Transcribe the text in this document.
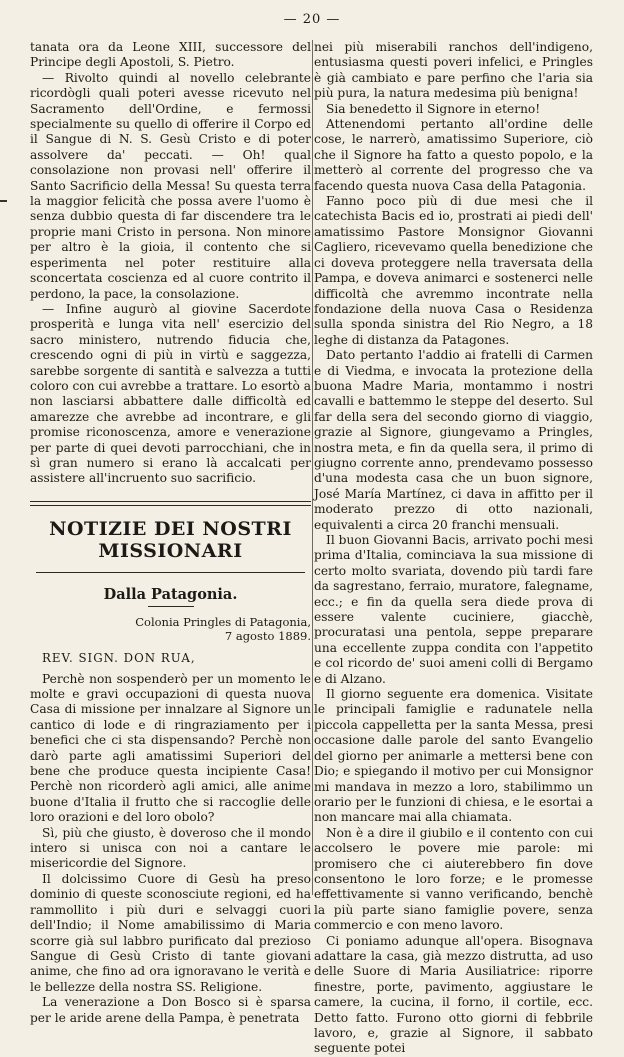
— 20 —

tanata ora da Leone XIII, successore del Principe degli Apostoli, S. Pietro.

— Rivolto quindi al novello celebrante ricordògli quali poteri avesse ricevuto nel Sacramento dell'Ordine, e fermossi specialmente su quello di offerire il Corpo ed il Sangue di N. S. Gesù Cristo e di poter assolvere da' peccati. — Oh! qual consolazione non provasi nell' offerire il Santo Sacrificio della Messa! Su questa terra la maggior felicità che possa avere l'uomo è senza dubbio questa di far discendere tra le proprie mani Cristo in persona. Non minore per altro è la gioia, il contento che si esperimenta nel poter restituire alla sconcertata coscienza ed al cuore contrito il perdono, la pace, la consolazione.

— Infine augurò al giovine Sacerdote prosperità e lunga vita nell' esercizio del sacro ministero, nutrendo fiducia che, crescendo ogni di più in virtù e saggezza, sarebbe sorgente di santità e salvezza a tutti coloro con cui avrebbe a trattare. Lo esortò a non lasciarsi abbattere dalle difficoltà ed amarezze che avrebbe ad incontrare, e gli promise riconoscenza, amore e venerazione per parte di quei devoti parrocchiani, che in sì gran numero si erano là accalcati per assistere all'incruento suo sacrificio.

NOTIZIE DEI NOSTRI MISSIONARI
Dalla Patagonia.
Colonia Pringles di Patagonia,
7 agosto 1889.
REV. SIGN. DON RUA,

Perchè non sospenderò per un momento le molte e gravi occupazioni di questa nuova Casa di missione per innalzare al Signore un cantico di lode e di ringraziamento per i benefici che ci sta dispensando? Perchè non darò parte agli amatissimi Superiori del bene che produce questa incipiente Casa! Perchè non ricorderò agli amici, alle anime buone d'Italia il frutto che si raccoglie delle loro orazioni e del loro obolo?

Sì, più che giusto, è doveroso che il mondo intero si unisca con noi a cantare le misericordie del Signore.

Il dolcissimo Cuore di Gesù ha preso dominio di queste sconosciute regioni, ed ha rammollito i più duri e selvaggi cuori dell'Indio; il Nome amabilissimo di Maria scorre già sul labbro purificato dal prezioso Sangue di Gesù Cristo di tante giovani anime, che fino ad ora ignoravano le verità e le bellezze della nostra SS. Religione.

La venerazione a Don Bosco si è sparsa per le aride arene della Pampa, è penetrata

nei più miserabili ranchos dell'indigeno, entusiasma questi poveri infelici, e Pringles è già cambiato e pare perfino che l'aria sia più pura, la natura medesima più benigna!

Sia benedetto il Signore in eterno!

Attenendomi pertanto all'ordine delle cose, le narrerò, amatissimo Superiore, ciò che il Signore ha fatto a questo popolo, e la metterò al corrente del progresso che va facendo questa nuova Casa della Patagonia.

Fanno poco più di due mesi che il catechista Bacis ed io, prostrati ai piedi dell' amatissimo Pastore Monsignor Giovanni Cagliero, ricevevamo quella benedizione che ci doveva proteggere nella traversata della Pampa, e doveva animarci e sostenerci nelle difficoltà che avremmo incontrate nella fondazione della nuova Casa o Residenza sulla sponda sinistra del Rio Negro, a 18 leghe di distanza da Patagones.

Dato pertanto l'addio ai fratelli di Carmen e di Viedma, e invocata la protezione della buona Madre Maria, montammo i nostri cavalli e battemmo le steppe del deserto. Sul far della sera del secondo giorno di viaggio, grazie al Signore, giungevamo a Pringles, nostra meta, e fin da quella sera, il primo di giugno corrente anno, prendevamo possesso d'una modesta casa che un buon signore, José María Martínez, ci dava in affitto per il moderato prezzo di otto nazionali, equivalenti a circa 20 franchi mensuali.

Il buon Giovanni Bacis, arrivato pochi mesi prima d'Italia, cominciava la sua missione di certo molto svariata, dovendo più tardi fare da sagrestano, ferraio, muratore, falegname, ecc.; e fin da quella sera diede prova di essere valente cuciniere, giacchè, procuratasi una pentola, seppe preparare una eccellente zuppa condita con l'appetito e col ricordo de' suoi ameni colli di Bergamo e di Alzano.

Il giorno seguente era domenica. Visitate le principali famiglie e radunatele nella piccola cappelletta per la santa Messa, presi occasione dalle parole del santo Evangelio del giorno per animarle a mettersi bene con Dio; e spiegando il motivo per cui Monsignor mi mandava in mezzo a loro, stabilimmo un orario per le funzioni di chiesa, e le esortai a non mancare mai alla chiamata.

Non è a dire il giubilo e il contento con cui accolsero le povere mie parole: mi promisero che ci aiuterebbero fin dove consentono le loro forze; e le promesse effettivamente si vanno verificando, benchè la più parte siano famiglie povere, senza commercio e con meno lavoro.

Ci poniamo adunque all'opera. Bisognava adattare la casa, già mezzo distrutta, ad uso delle Suore di Maria Ausiliatrice: riporre finestre, porte, pavimento, aggiustare le camere, la cucina, il forno, il cortile, ecc. Detto fatto. Furono otto giorni di febbrile lavoro, e, grazie al Signore, il sabbato seguente potei
